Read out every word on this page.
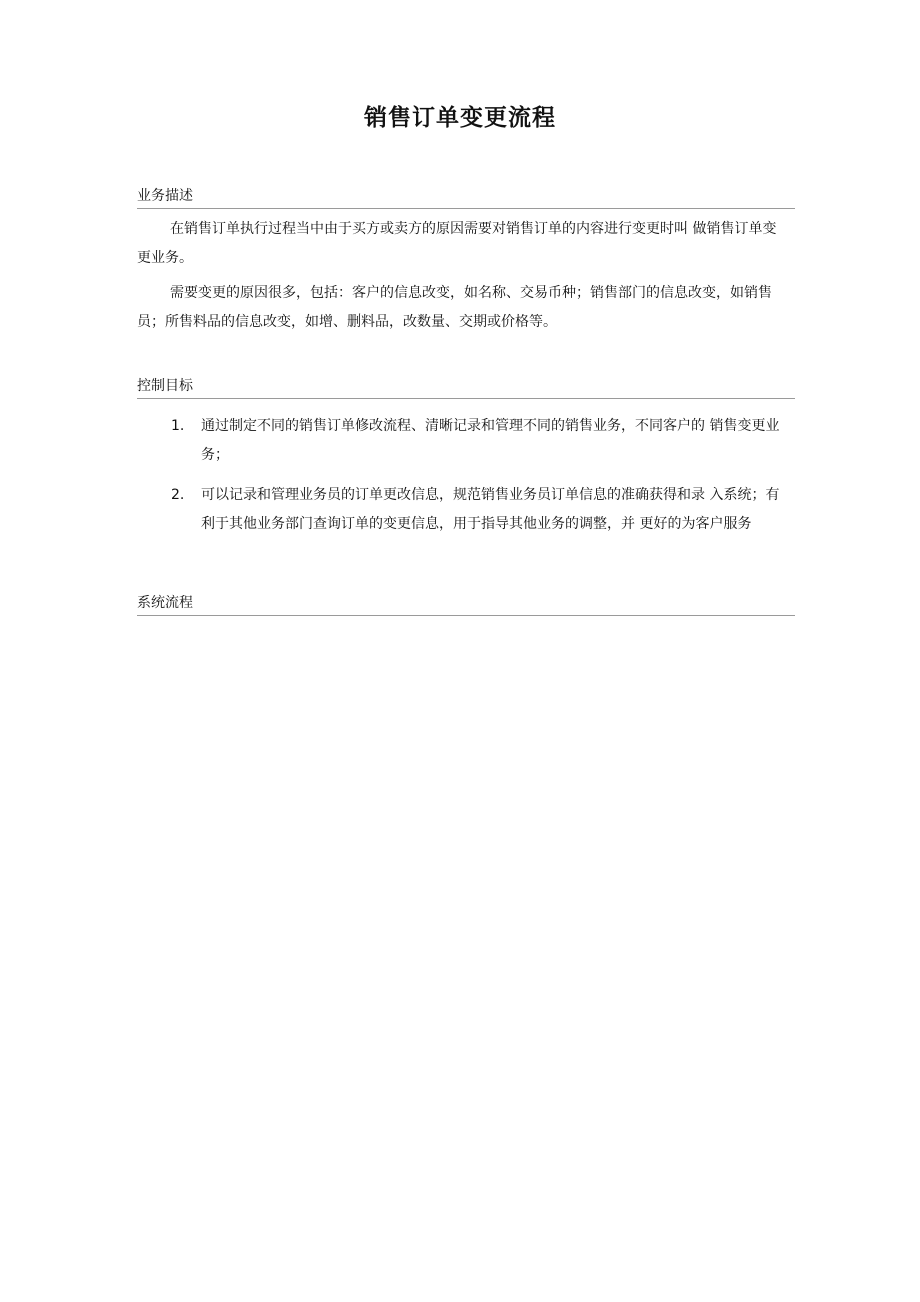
销售订单变更流程
业务描述

在销售订单执行过程当中由于买方或卖方的原因需要对销售订单的内容进行变更时叫 做销售订单变更业务。

需要变更的原因很多，包括：客户的信息改变，如名称、交易币种；销售部门的信息改变，如销售员；所售料品的信息改变，如增、删料品，改数量、交期或价格等。

控制目标
1.	通过制定不同的销售订单修改流程、清晰记录和管理不同的销售业务，不同客户的 销售变更业务；
2.	可以记录和管理业务员的订单更改信息，规范销售业务员订单信息的准确获得和录 入系统；有利于其他业务部门查询订单的变更信息，用于指导其他业务的调整，并 更好的为客户服务
系统流程
